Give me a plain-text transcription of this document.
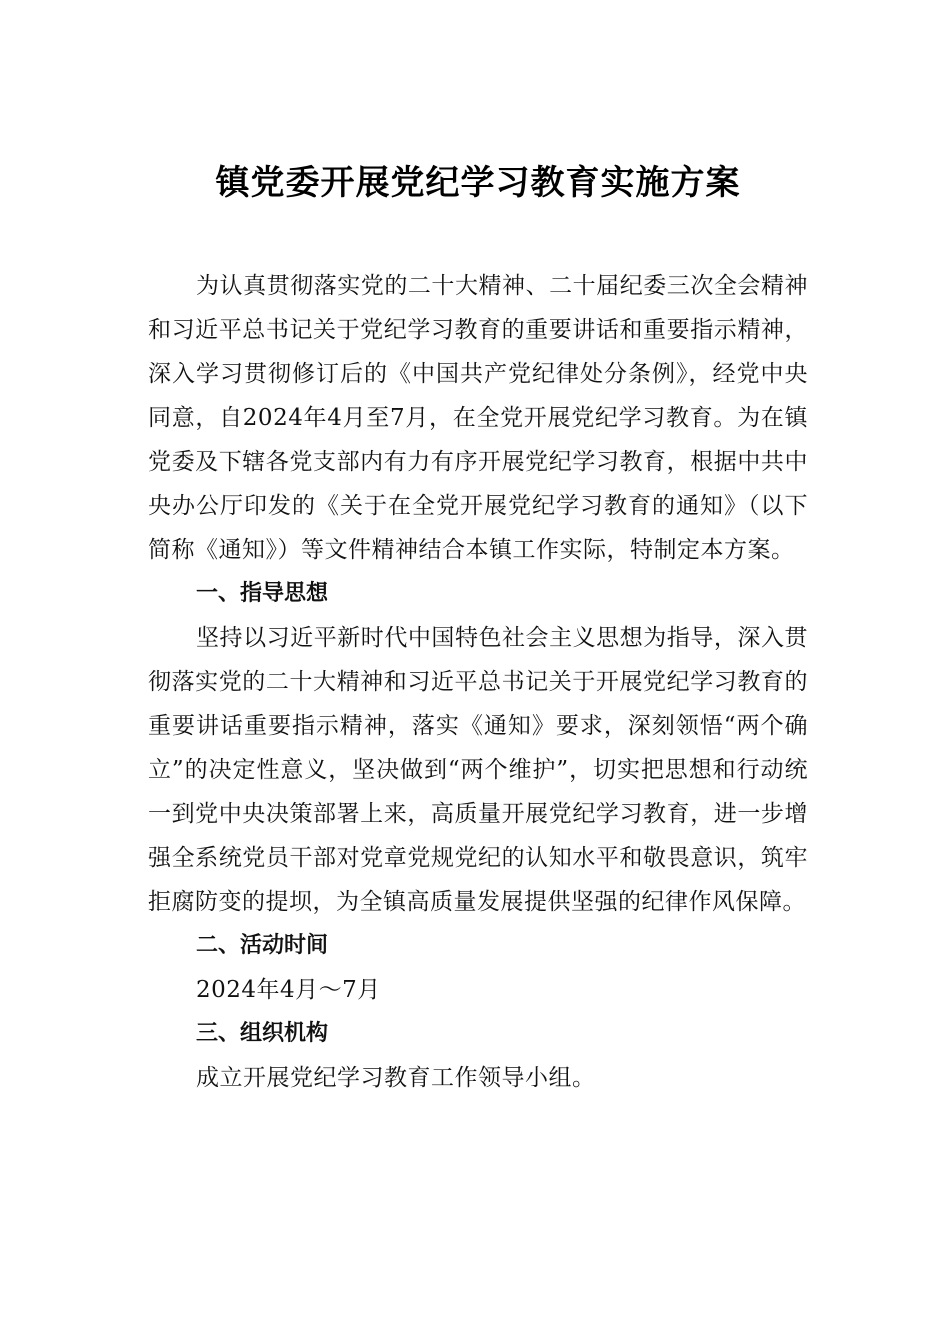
镇党委开展党纪学习教育实施方案

为认真贯彻落实党的二十大精神、二十届纪委三次全会精神和习近平总书记关于党纪学习教育的重要讲话和重要指示精神，深入学习贯彻修订后的《中国共产党纪律处分条例》，经党中央同意，自2024年4月至7月，在全党开展党纪学习教育。为在镇党委及下辖各党支部内有力有序开展党纪学习教育，根据中共中央办公厅印发的《关于在全党开展党纪学习教育的通知》（以下简称《通知》）等文件精神结合本镇工作实际，特制定本方案。

一、指导思想

坚持以习近平新时代中国特色社会主义思想为指导，深入贯彻落实党的二十大精神和习近平总书记关于开展党纪学习教育的重要讲话重要指示精神，落实《通知》要求，深刻领悟“两个确立”的决定性意义，坚决做到“两个维护”，切实把思想和行动统一到党中央决策部署上来，高质量开展党纪学习教育，进一步增强全系统党员干部对党章党规党纪的认知水平和敬畏意识，筑牢拒腐防变的提坝，为全镇高质量发展提供坚强的纪律作风保障。

二、活动时间

2024年4月～7月

三、组织机构

成立开展党纪学习教育工作领导小组。
